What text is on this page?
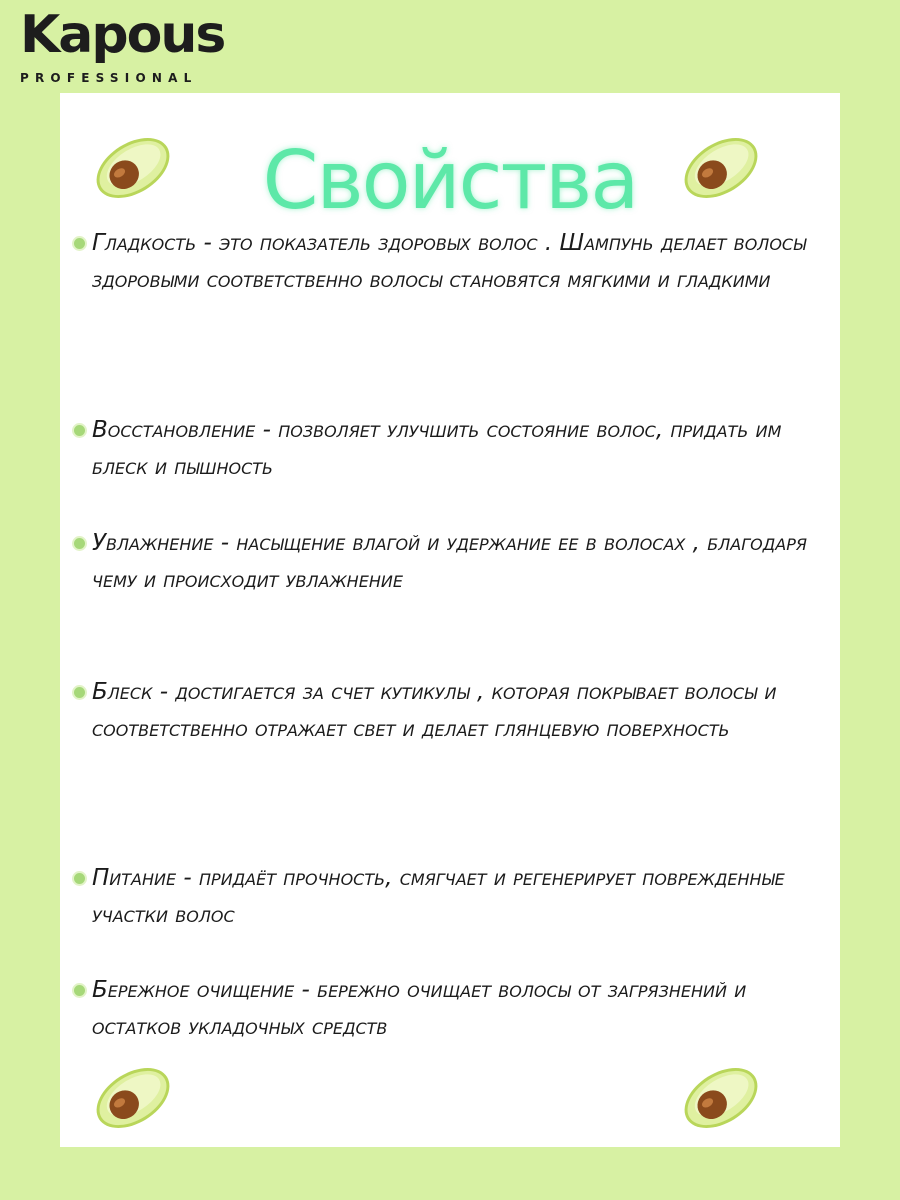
Kapous
PROFESSIONAL
Свойства
Гладкость - это показатель здоровых волос . Шампунь делает волосы здоровыми соответственно волосы становятся мягкими и гладкими
Восстановление - позволяет улучшить состояние волос, придать им блеск и пышность
Увлажнение - насыщение влагой и удержание ее в волосах , благодаря чему и происходит увлажнение
Блеск - достигается за счет кутикулы , которая покрывает волосы и соответственно отражает свет и делает глянцевую поверхность
Питание - придаёт прочность, смягчает и регенерирует поврежденные участки волос
Бережное очищение - бережно очищает волосы от загрязнений и остатков укладочных средств
